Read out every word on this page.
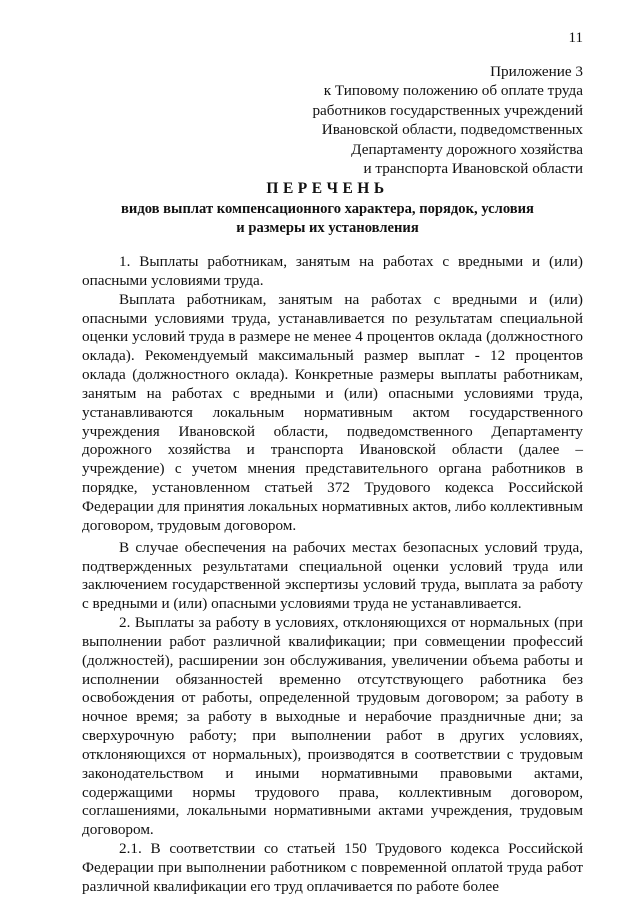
11
Приложение 3
к Типовому положению об оплате труда
работников государственных учреждений
Ивановской области, подведомственных
Департаменту дорожного хозяйства
и транспорта Ивановской области
ПЕРЕЧЕНЬ
видов выплат компенсационного характера, порядок, условия
и размеры их установления

1. Выплаты работникам, занятым на работах с вредными и (или) опасными условиями труда.

Выплата работникам, занятым на работах с вредными и (или) опасными условиями труда, устанавливается по результатам специальной оценки условий труда в размере не менее 4 процентов оклада (должностного оклада). Рекомендуемый максимальный размер выплат - 12 процентов оклада (должностного оклада). Конкретные размеры выплаты работникам, занятым на работах с вредными и (или) опасными условиями труда, устанавливаются локальным нормативным актом государственного учреждения Ивановской области, подведомственного Департаменту дорожного хозяйства и транспорта Ивановской области (далее – учреждение) с учетом мнения представительного органа работников в порядке, установленном статьей 372 Трудового кодекса Российской Федерации для принятия локальных нормативных актов, либо коллективным договором, трудовым договором.

В случае обеспечения на рабочих местах безопасных условий труда, подтвержденных результатами специальной оценки условий труда или заключением государственной экспертизы условий труда, выплата за работу с вредными и (или) опасными условиями труда не устанавливается.

2. Выплаты за работу в условиях, отклоняющихся от нормальных (при выполнении работ различной квалификации; при совмещении профессий (должностей), расширении зон обслуживания, увеличении объема работы и исполнении обязанностей временно отсутствующего работника без освобождения от работы, определенной трудовым договором; за работу в ночное время; за работу в выходные и нерабочие праздничные дни; за сверхурочную работу; при выполнении работ в других условиях, отклоняющихся от нормальных), производятся в соответствии с трудовым законодательством и иными нормативными правовыми актами, содержащими нормы трудового права, коллективным договором, соглашениями, локальными нормативными актами учреждения, трудовым договором.

2.1. В соответствии со статьей 150 Трудового кодекса Российской Федерации при выполнении работником с повременной оплатой труда работ различной квалификации его труд оплачивается по работе более
